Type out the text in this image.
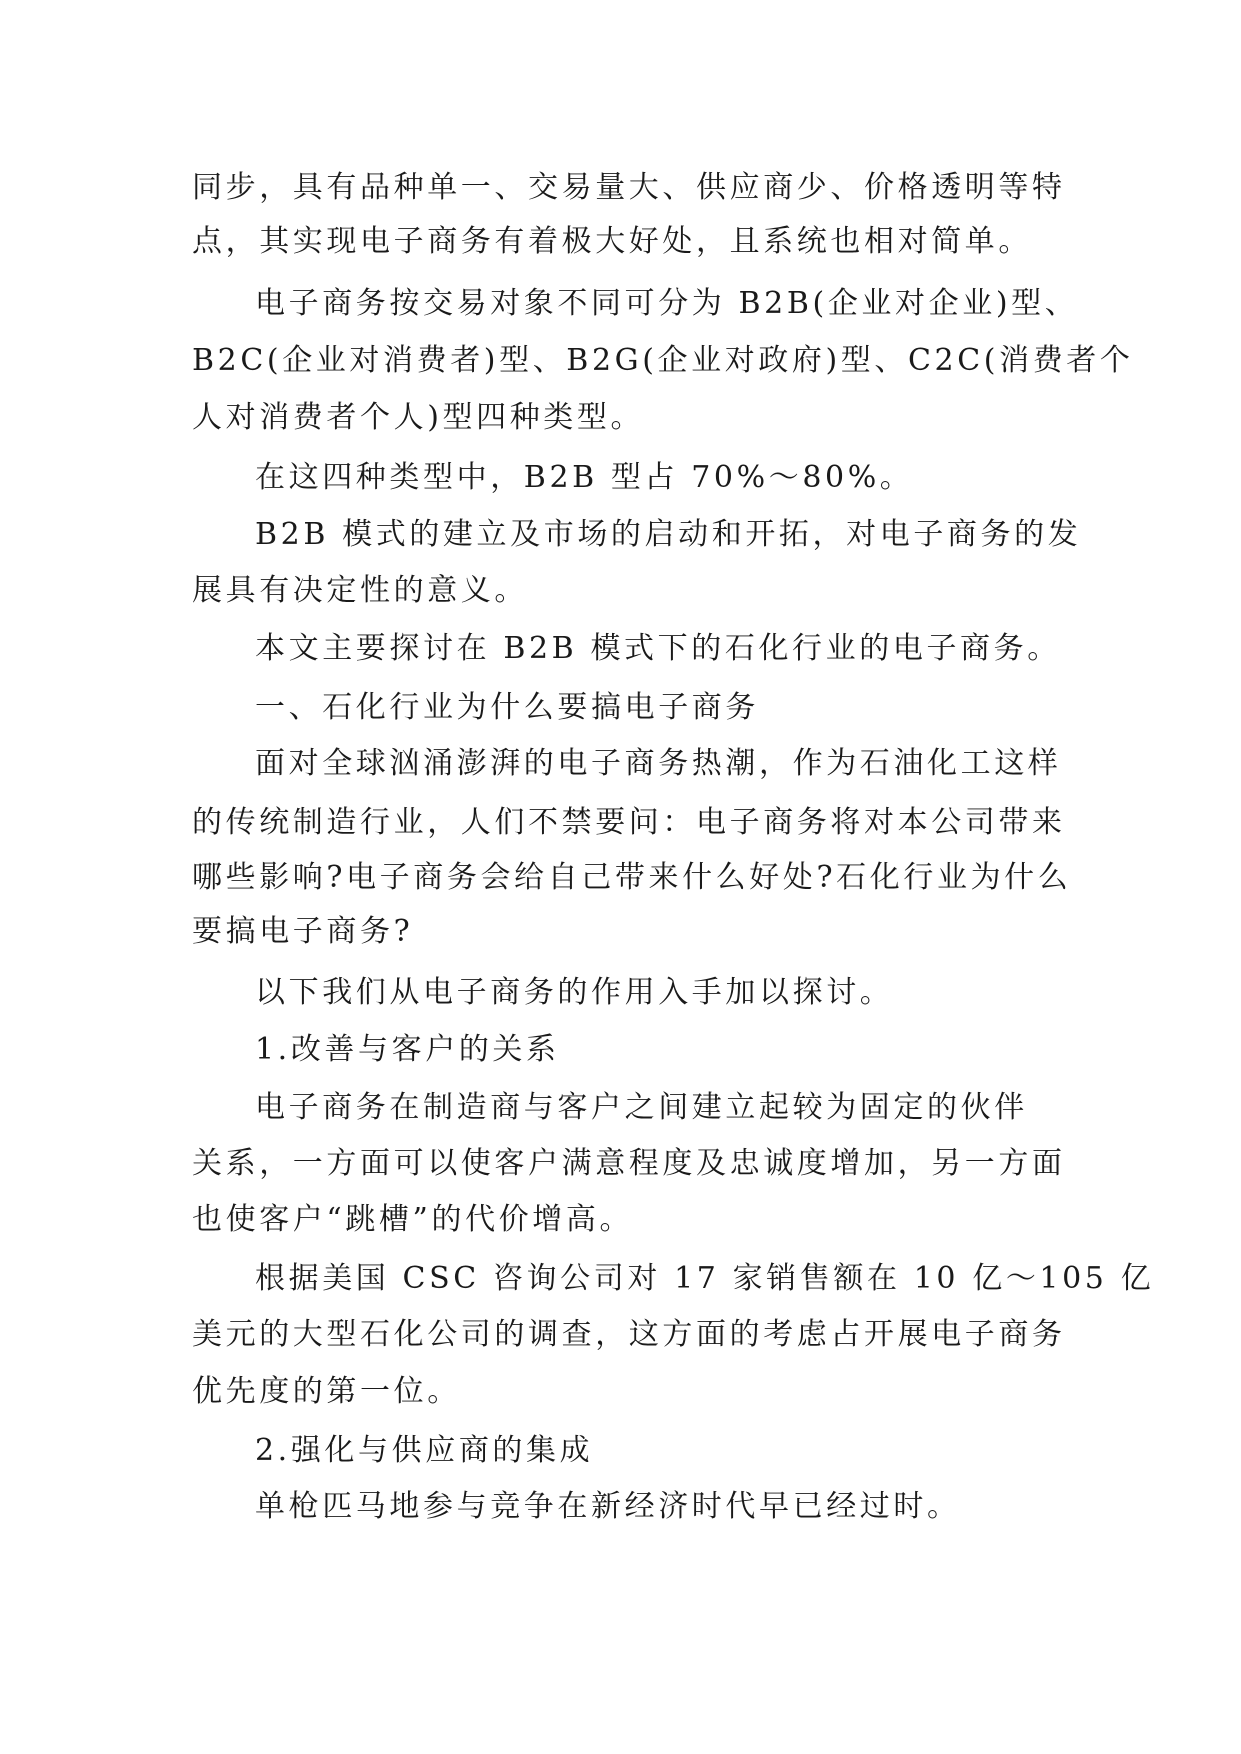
同步，具有品种单一、交易量大、供应商少、价格透明等特
点，其实现电子商务有着极大好处，且系统也相对简单。
电子商务按交易对象不同可分为 B2B(企业对企业)型、
B2C(企业对消费者)型、B2G(企业对政府)型、C2C(消费者个
人对消费者个人)型四种类型。
在这四种类型中，B2B 型占 70%～80%。
B2B 模式的建立及市场的启动和开拓，对电子商务的发
展具有决定性的意义。
本文主要探讨在 B2B 模式下的石化行业的电子商务。
一、石化行业为什么要搞电子商务
面对全球汹涌澎湃的电子商务热潮，作为石油化工这样
的传统制造行业，人们不禁要问：电子商务将对本公司带来
哪些影响?电子商务会给自己带来什么好处?石化行业为什么
要搞电子商务?
以下我们从电子商务的作用入手加以探讨。
1.改善与客户的关系
电子商务在制造商与客户之间建立起较为固定的伙伴
关系，一方面可以使客户满意程度及忠诚度增加，另一方面
也使客户“跳槽”的代价增高。
根据美国 CSC 咨询公司对 17 家销售额在 10 亿～105 亿
美元的大型石化公司的调查，这方面的考虑占开展电子商务
优先度的第一位。
2.强化与供应商的集成
单枪匹马地参与竞争在新经济时代早已经过时。
